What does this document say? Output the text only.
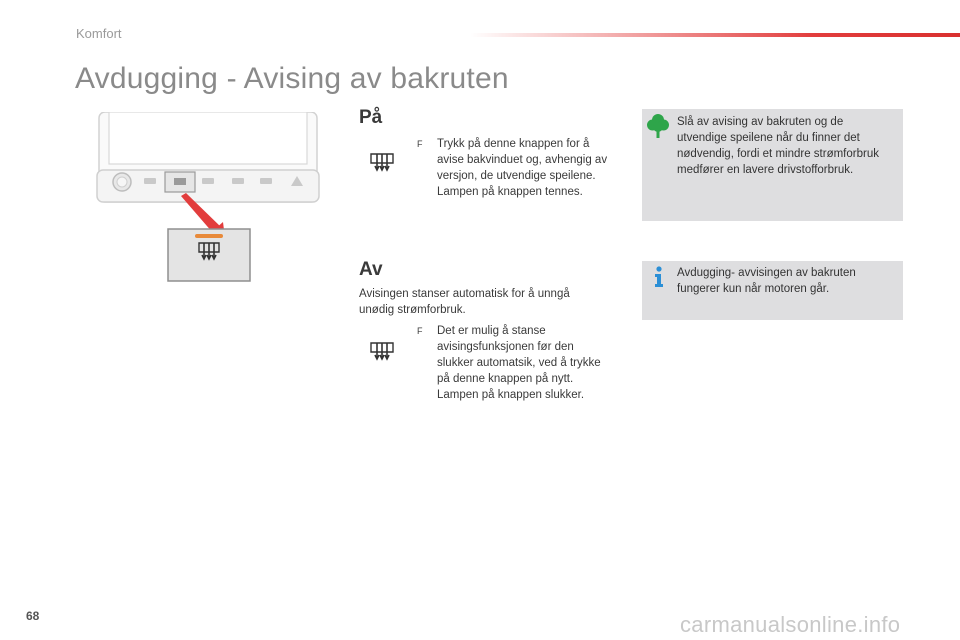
Komfort
Avdugging - Avising av bakruten
På
F Trykk på denne knappen for å
avise bakvinduet og, avhengig av
versjon, de utvendige speilene.
Lampen på knappen tennes.
Av
Avisingen stanser automatisk for å unngå
unødig strømforbruk.
F Det er mulig å stanse
avisingsfunksjonen før den
slukker automatsik, ved å trykke
på denne knappen på nytt.
Lampen på knappen slukker.
Slå av avising av bakruten og de
utvendige speilene når du finner det
nødvendig, fordi et mindre strømforbruk
medfører en lavere drivstofforbruk.
Avdugging- avvisingen av bakruten
fungerer kun når motoren går.
68	carmanualsonline.info
